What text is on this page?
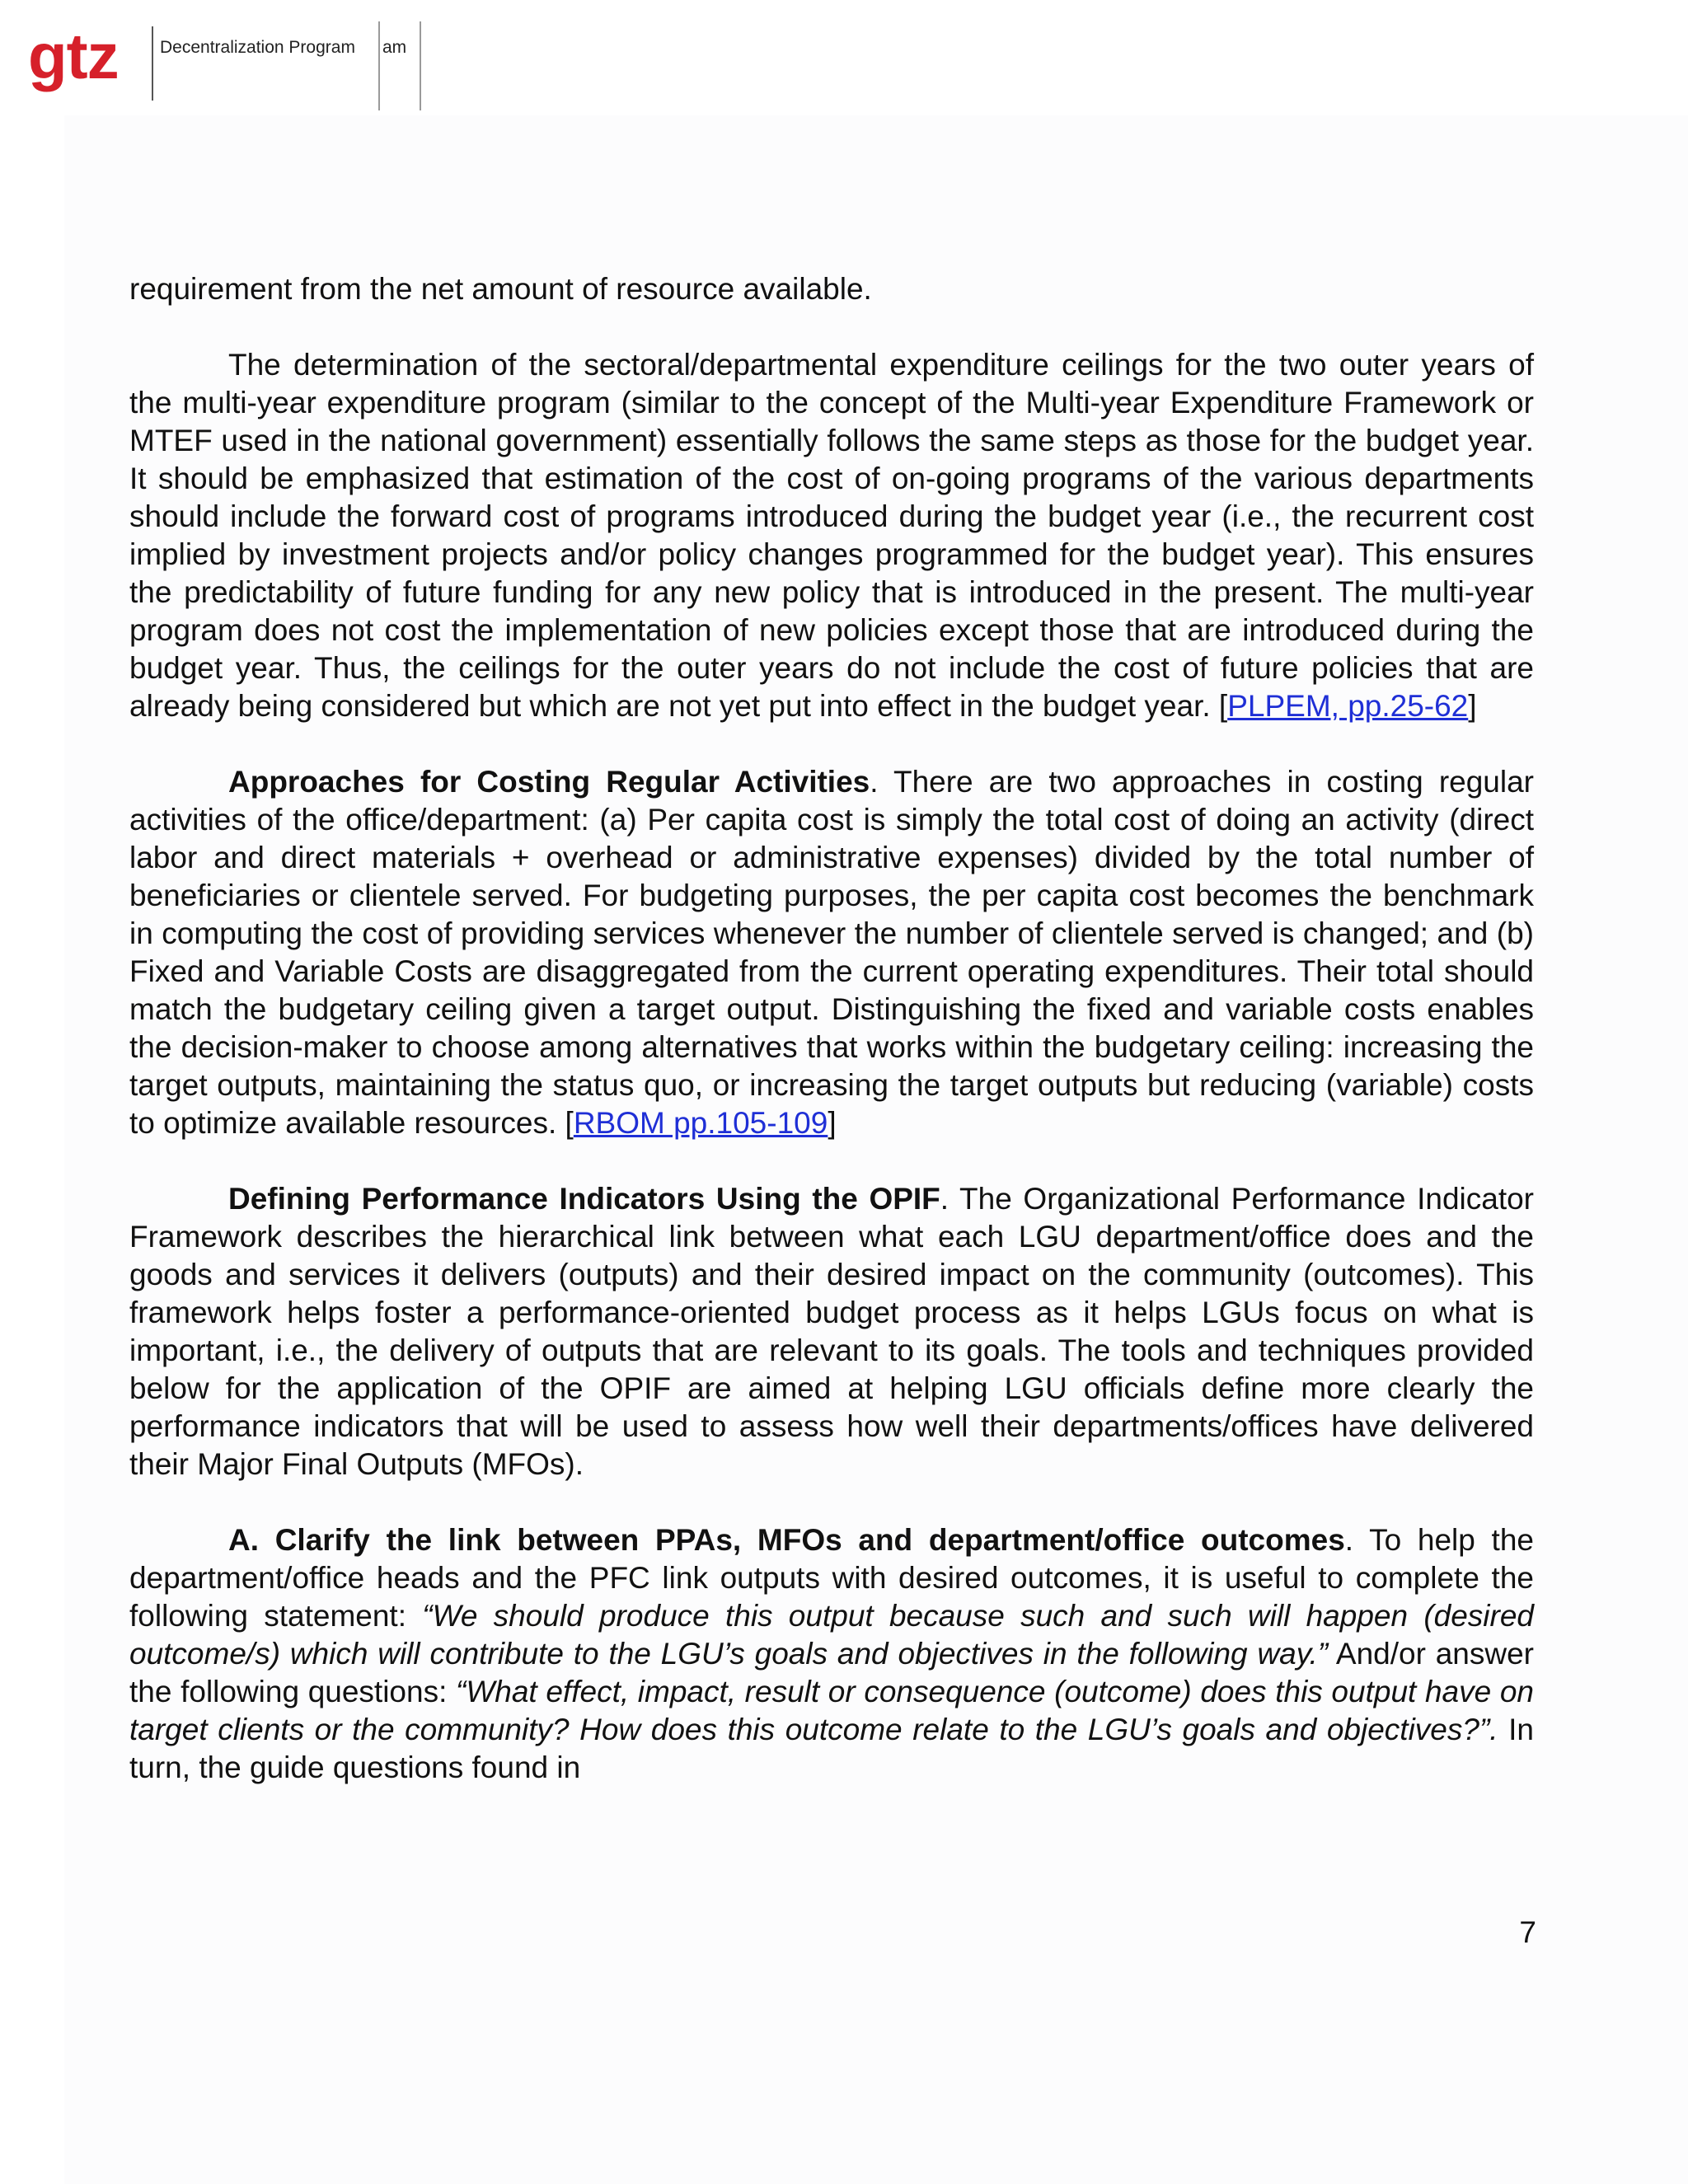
gtz Decentralization Program am

requirement from the net amount of resource available.

The determination of the sectoral/departmental expenditure ceilings for the two outer years of the multi-year expenditure program (similar to the concept of the Multi-year Expenditure Framework or MTEF used in the national government) essentially follows the same steps as those for the budget year. It should be emphasized that estimation of the cost of on-going programs of the various departments should include the forward cost of programs introduced during the budget year (i.e., the recurrent cost implied by investment projects and/or policy changes programmed for the budget year). This ensures the predictability of future funding for any new policy that is introduced in the present. The multi-year program does not cost the implementation of new policies except those that are introduced during the budget year. Thus, the ceilings for the outer years do not include the cost of future policies that are already being considered but which are not yet put into effect in the budget year. [PLPEM, pp.25-62]

Approaches for Costing Regular Activities. There are two approaches in costing regular activities of the office/department: (a) Per capita cost is simply the total cost of doing an activity (direct labor and direct materials + overhead or administrative expenses) divided by the total number of beneficiaries or clientele served. For budgeting purposes, the per capita cost becomes the benchmark in computing the cost of providing services whenever the number of clientele served is changed; and (b) Fixed and Variable Costs are disaggregated from the current operating expenditures. Their total should match the budgetary ceiling given a target output. Distinguishing the fixed and variable costs enables the decision-maker to choose among alternatives that works within the budgetary ceiling: increasing the target outputs, maintaining the status quo, or increasing the target outputs but reducing (variable) costs to optimize available resources. [RBOM pp.105-109]

Defining Performance Indicators Using the OPIF. The Organizational Performance Indicator Framework describes the hierarchical link between what each LGU department/office does and the goods and services it delivers (outputs) and their desired impact on the community (outcomes). This framework helps foster a performance-oriented budget process as it helps LGUs focus on what is important, i.e., the delivery of outputs that are relevant to its goals. The tools and techniques provided below for the application of the OPIF are aimed at helping LGU officials define more clearly the performance indicators that will be used to assess how well their departments/offices have delivered their Major Final Outputs (MFOs).

A. Clarify the link between PPAs, MFOs and department/office outcomes. To help the department/office heads and the PFC link outputs with desired outcomes, it is useful to complete the following statement: “We should produce this output because such and such will happen (desired outcome/s) which will contribute to the LGU’s goals and objectives in the following way.” And/or answer the following questions: “What effect, impact, result or consequence (outcome) does this output have on target clients or the community? How does this outcome relate to the LGU’s goals and objectives?”. In turn, the guide questions found in

7
